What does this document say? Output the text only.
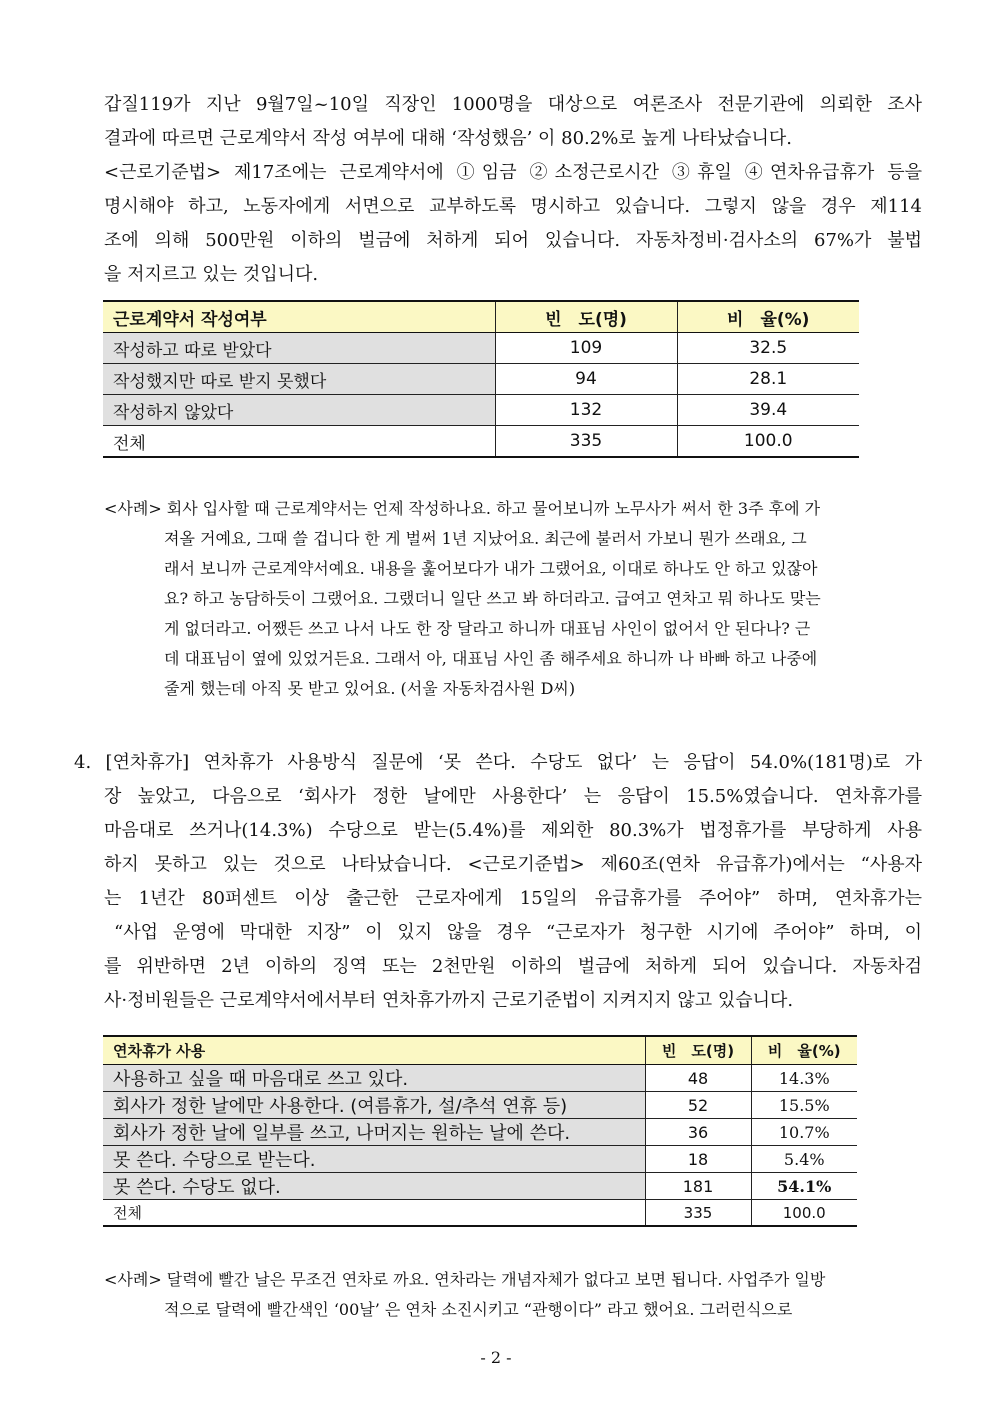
갑질119가 지난 9월7일~10일 직장인 1000명을 대상으로 여론조사 전문기관에 의뢰한 조사
결과에 따르면 근로계약서 작성 여부에 대해 ‘작성했음’ 이 80.2%로 높게 나타났습니다.
<근로기준법> 제17조에는 근로계약서에 ①임금 ②소정근로시간 ③휴일 ④연차유급휴가 등을
명시해야 하고, 노동자에게 서면으로 교부하도록 명시하고 있습니다. 그렇지 않을 경우 제114
조에 의해 500만원 이하의 벌금에 처하게 되어 있습니다. 자동차정비·검사소의 67%가 불법
을 저지르고 있는 것입니다.
근로계약서 작성여부	빈　도(명)	비　율(%)
작성하고 따로 받았다	109	32.5
작성했지만 따로 받지 못했다	94	28.1
작성하지 않았다	132	39.4
전체	335	100.0
<사례> 회사 입사할 때 근로계약서는 언제 작성하나요. 하고 물어보니까 노무사가 써서 한 3주 후에 가
져올 거예요, 그때 쓸 겁니다 한 게 벌써 1년 지났어요. 최근에 불러서 가보니 뭔가 쓰래요, 그
래서 보니까 근로계약서예요. 내용을 훑어보다가 내가 그랬어요, 이대로 하나도 안 하고 있잖아
요? 하고 농담하듯이 그랬어요. 그랬더니 일단 쓰고 봐 하더라고. 급여고 연차고 뭐 하나도 맞는
게 없더라고. 어쨌든 쓰고 나서 나도 한 장 달라고 하니까 대표님 사인이 없어서 안 된다나? 근
데 대표님이 옆에 있었거든요. 그래서 아, 대표님 사인 좀 해주세요 하니까 나 바빠 하고 나중에
줄게 했는데 아직 못 받고 있어요. (서울 자동차검사원 D씨)
4. [연차휴가] 연차휴가 사용방식 질문에 ‘못 쓴다. 수당도 없다’ 는 응답이 54.0%(181명)로 가
장 높았고, 다음으로 ‘회사가 정한 날에만 사용한다’ 는 응답이 15.5%였습니다. 연차휴가를
마음대로 쓰거나(14.3%) 수당으로 받는(5.4%)를 제외한 80.3%가 법정휴가를 부당하게 사용
하지 못하고 있는 것으로 나타났습니다. <근로기준법> 제60조(연차 유급휴가)에서는 “사용자
는 1년간 80퍼센트 이상 출근한 근로자에게 15일의 유급휴가를 주어야” 하며, 연차휴가는
“사업 운영에 막대한 지장” 이 있지 않을 경우 “근로자가 청구한 시기에 주어야” 하며, 이
를 위반하면 2년 이하의 징역 또는 2천만원 이하의 벌금에 처하게 되어 있습니다. 자동차검
사·정비원들은 근로계약서에서부터 연차휴가까지 근로기준법이 지켜지지 않고 있습니다.
연차휴가 사용	빈　도(명)	비　율(%)
사용하고 싶을 때 마음대로 쓰고 있다.	48	14.3%
회사가 정한 날에만 사용한다. (여름휴가, 설/추석 연휴 등)	52	15.5%
회사가 정한 날에 일부를 쓰고, 나머지는 원하는 날에 쓴다.	36	10.7%
못 쓴다. 수당으로 받는다.	18	5.4%
못 쓴다. 수당도 없다.	181	54.1%
전체	335	100.0
<사례> 달력에 빨간 날은 무조건 연차로 까요. 연차라는 개념자체가 없다고 보면 됩니다. 사업주가 일방
적으로 달력에 빨간색인 ‘00날’ 은 연차 소진시키고 “관행이다” 라고 했어요. 그러런식으로
- 2 -
